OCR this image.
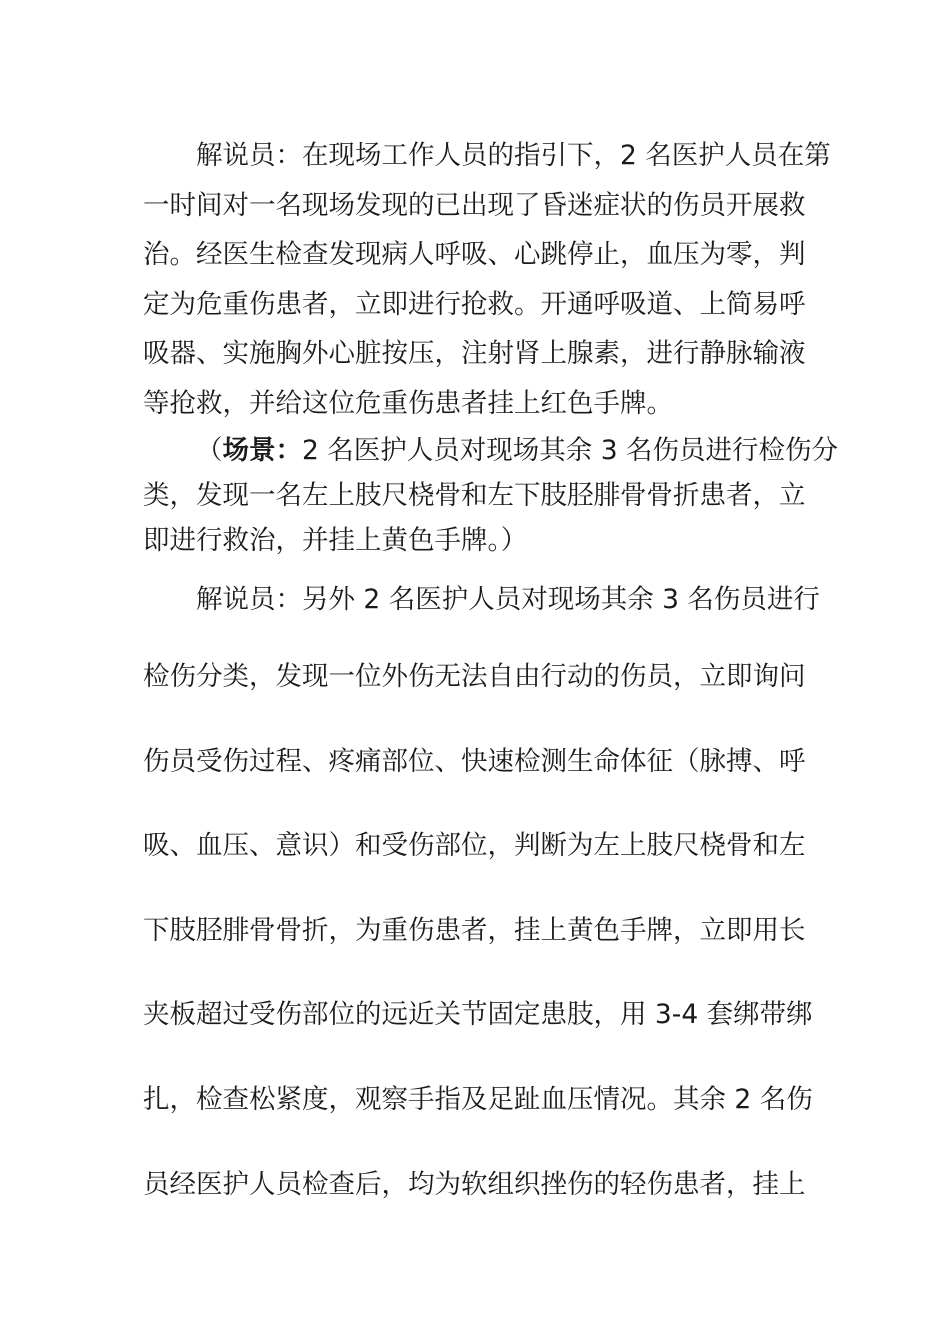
解说员：在现场工作人员的指引下，2 名医护人员在第
一时间对一名现场发现的已出现了昏迷症状的伤员开展救
治。经医生检查发现病人呼吸、心跳停止，血压为零，判
定为危重伤患者，立即进行抢救。开通呼吸道、上简易呼
吸器、实施胸外心脏按压，注射肾上腺素，进行静脉输液
等抢救，并给这位危重伤患者挂上红色手牌。
（场景：2 名医护人员对现场其余 3 名伤员进行检伤分
类，发现一名左上肢尺桡骨和左下肢胫腓骨骨折患者，立
即进行救治，并挂上黄色手牌。）
解说员：另外 2 名医护人员对现场其余 3 名伤员进行
检伤分类，发现一位外伤无法自由行动的伤员，立即询问
伤员受伤过程、疼痛部位、快速检测生命体征（脉搏、呼
吸、血压、意识）和受伤部位，判断为左上肢尺桡骨和左
下肢胫腓骨骨折，为重伤患者，挂上黄色手牌，立即用长
夹板超过受伤部位的远近关节固定患肢，用 3-4 套绑带绑
扎，检查松紧度，观察手指及足趾血压情况。其余 2 名伤
员经医护人员检查后，均为软组织挫伤的轻伤患者，挂上
